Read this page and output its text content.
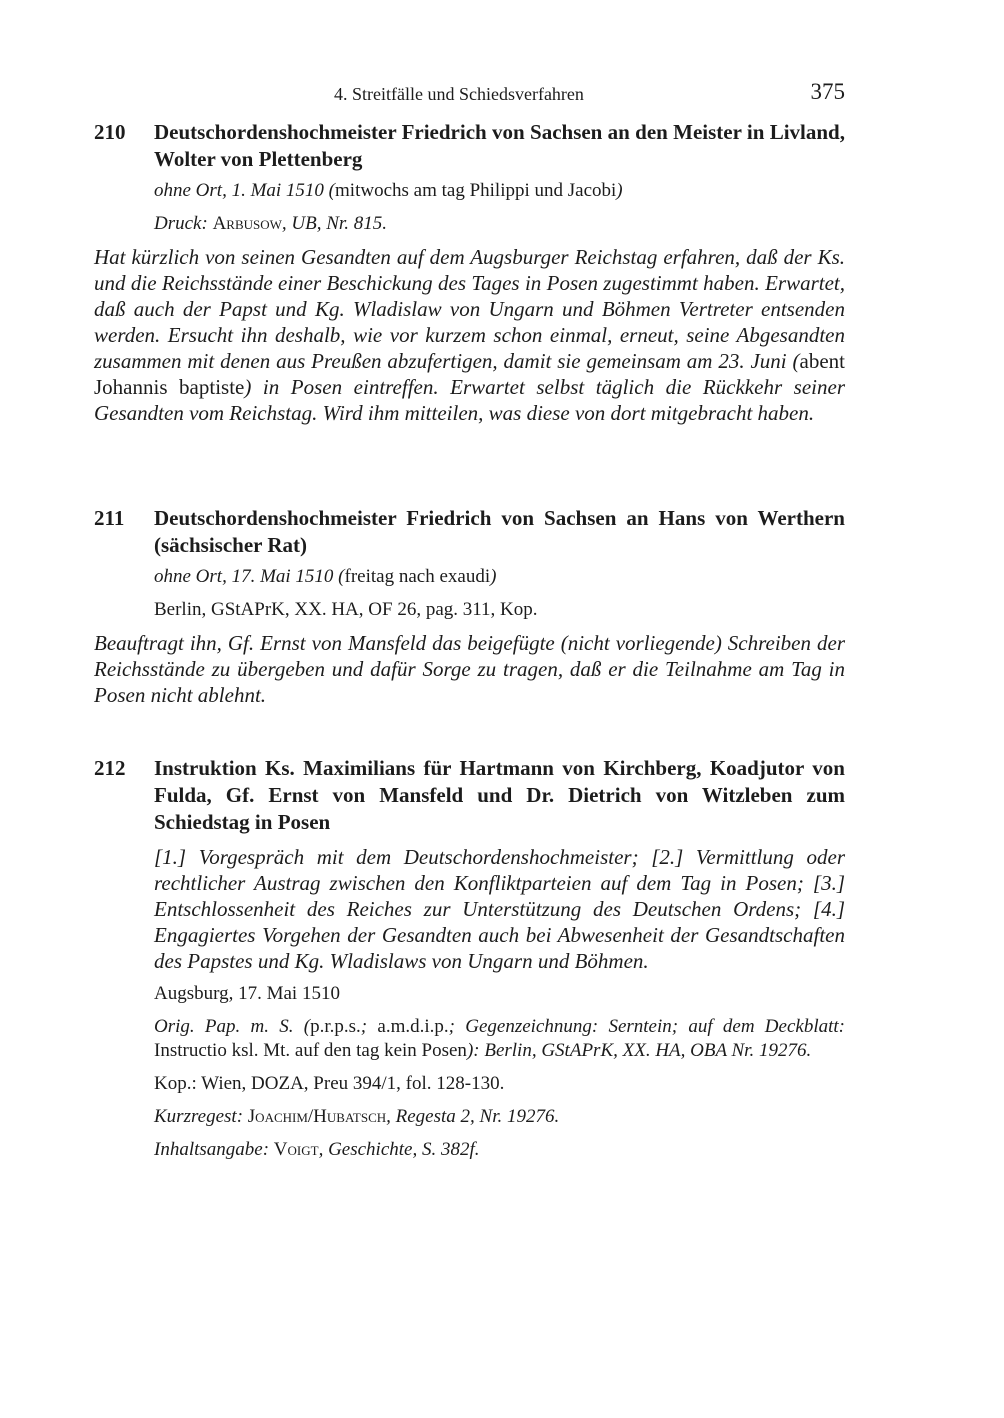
4. Streitfälle und Schiedsverfahren	375
210	Deutschordenshochmeister Friedrich von Sachsen an den Meister in Livland, Wolter von Plettenberg
ohne Ort, 1. Mai 1510 (mitwochs am tag Philippi und Jacobi)
Druck: Arbusow, UB, Nr. 815.
Hat kürzlich von seinen Gesandten auf dem Augsburger Reichstag erfahren, daß der Ks. und die Reichsstände einer Beschickung des Tages in Posen zugestimmt haben. Erwartet, daß auch der Papst und Kg. Wladislaw von Ungarn und Böhmen Vertreter entsenden werden. Ersucht ihn deshalb, wie vor kurzem schon einmal, erneut, seine Abgesandten zusammen mit denen aus Preußen abzufertigen, damit sie gemeinsam am 23. Juni (abent Johannis baptiste) in Posen eintreffen. Erwartet selbst täglich die Rückkehr seiner Gesandten vom Reichstag. Wird ihm mitteilen, was diese von dort mitgebracht haben.
211	Deutschordenshochmeister Friedrich von Sachsen an Hans von Werthern (sächsischer Rat)
ohne Ort, 17. Mai 1510 (freitag nach exaudi)
Berlin, GStAPrK, XX. HA, OF 26, pag. 311, Kop.
Beauftragt ihn, Gf. Ernst von Mansfeld das beigefügte (nicht vorliegende) Schreiben der Reichsstände zu übergeben und dafür Sorge zu tragen, daß er die Teilnahme am Tag in Posen nicht ablehnt.
212	Instruktion Ks. Maximilians für Hartmann von Kirchberg, Koadjutor von Fulda, Gf. Ernst von Mansfeld und Dr. Dietrich von Witzleben zum Schiedstag in Posen
[1.] Vorgespräch mit dem Deutschordenshochmeister; [2.] Vermittlung oder rechtlicher Austrag zwischen den Konfliktparteien auf dem Tag in Posen; [3.] Entschlossenheit des Reiches zur Unterstützung des Deutschen Ordens; [4.] Engagiertes Vorgehen der Gesandten auch bei Abwesenheit der Gesandtschaften des Papstes und Kg. Wladislaws von Ungarn und Böhmen.
Augsburg, 17. Mai 1510
Orig. Pap. m. S. (p.r.p.s.; a.m.d.i.p.; Gegenzeichnung: Serntein; auf dem Deckblatt: Instructio ksl. Mt. auf den tag kein Posen): Berlin, GStAPrK, XX. HA, OBA Nr. 19276.
Kop.: Wien, DOZA, Preu 394/1, fol. 128-130.
Kurzregest: Joachim/Hubatsch, Regesta 2, Nr. 19276.
Inhaltsangabe: Voigt, Geschichte, S. 382f.
